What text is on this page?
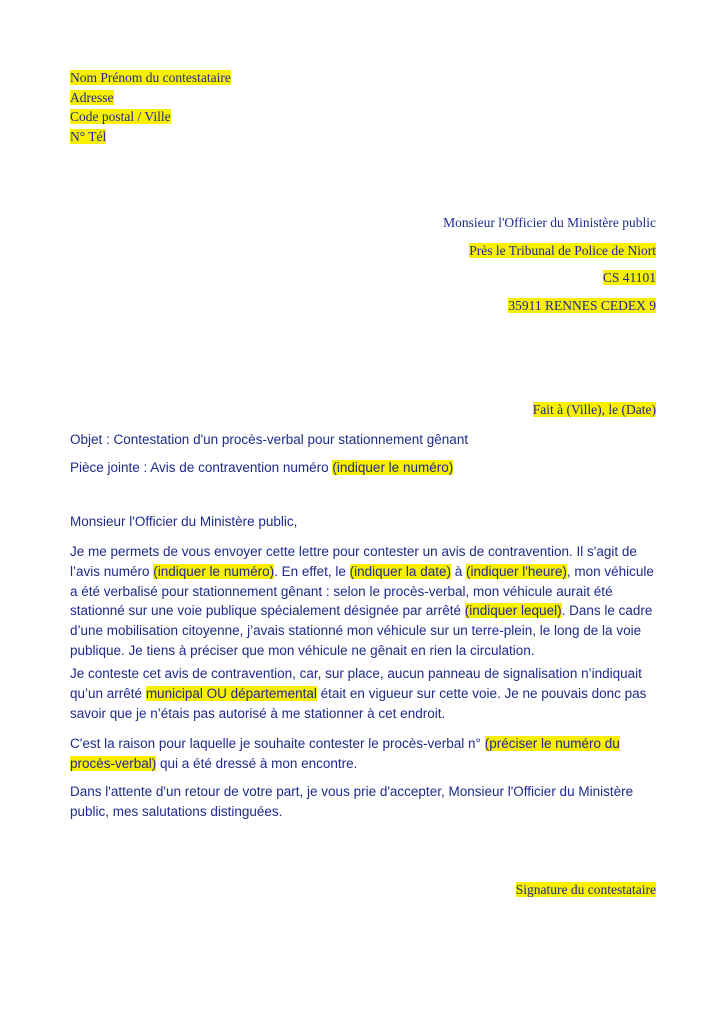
Nom Prénom du contestataire
Adresse
Code postal / Ville
N° Tél
Monsieur l'Officier du Ministère public
Près le Tribunal de Police de Niort
CS 41101
35911 RENNES CEDEX 9
Fait à (Ville), le (Date)
Objet : Contestation d'un procès-verbal pour stationnement gênant
Pièce jointe : Avis de contravention numéro (indiquer le numéro)
Monsieur l'Officier du Ministère public,
Je me permets de vous envoyer cette lettre pour contester un avis de contravention. Il s'agit de l’avis numéro (indiquer le numéro). En effet, le (indiquer la date) à (indiquer l'heure), mon véhicule a été verbalisé pour stationnement gênant : selon le procès-verbal, mon véhicule aurait été stationné sur une voie publique spécialement désignée par arrêté (indiquer lequel). Dans le cadre d’une mobilisation citoyenne, j’avais stationné mon véhicule sur un terre-plein, le long de la voie publique. Je tiens à préciser que mon véhicule ne gênait en rien la circulation.
Je conteste cet avis de contravention, car, sur place, aucun panneau de signalisation n’indiquait qu’un arrêté municipal OU départemental était en vigueur sur cette voie. Je ne pouvais donc pas savoir que je n’étais pas autorisé à me stationner à cet endroit.
C'est la raison pour laquelle je souhaite contester le procès-verbal n° (préciser le numéro du procès-verbal) qui a été dressé à mon encontre.
Dans l'attente d'un retour de votre part, je vous prie d'accepter, Monsieur l'Officier du Ministère public, mes salutations distinguées.
Signature du contestataire
